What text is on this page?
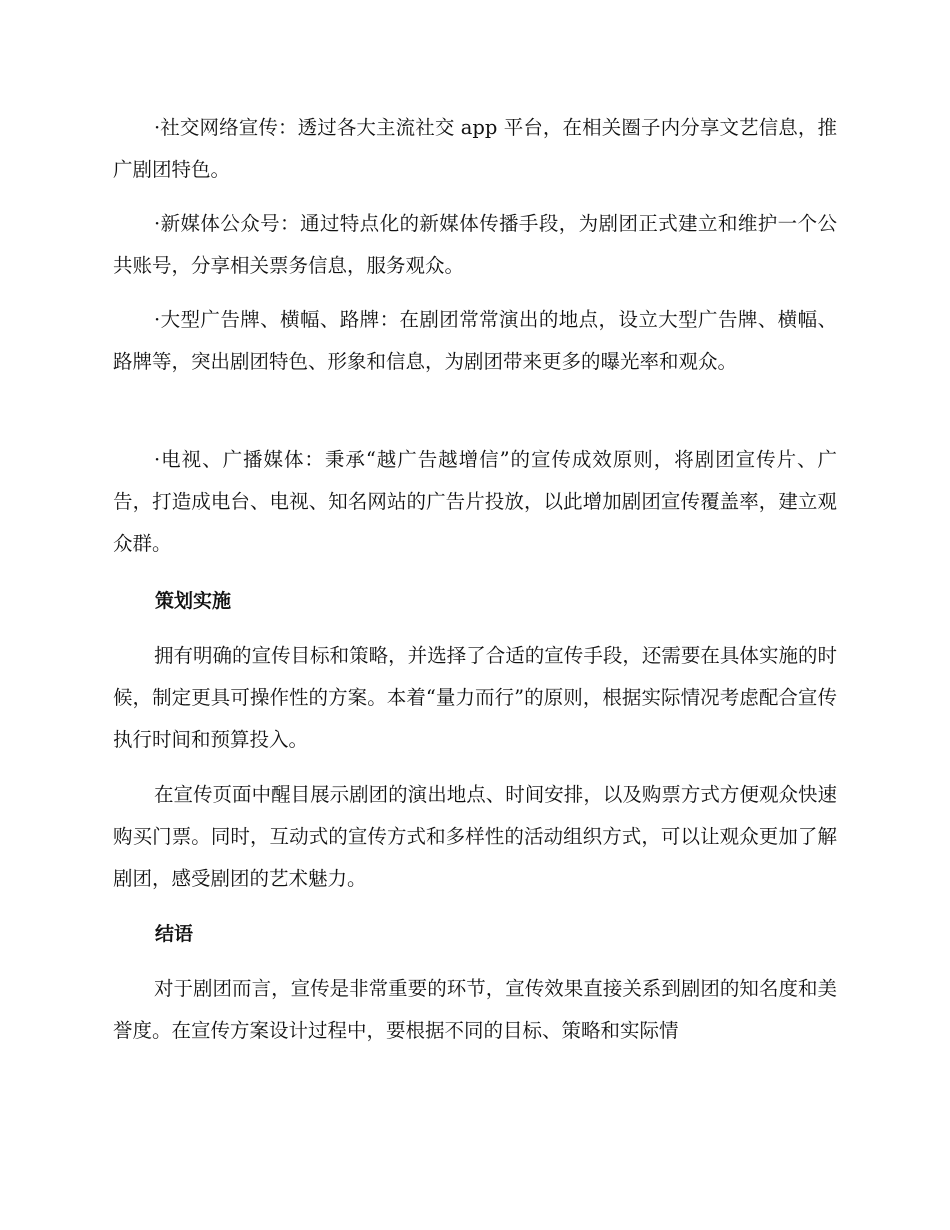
·社交网络宣传：透过各大主流社交 app 平台，在相关圈子内分享文艺信息，推广剧团特色。

·新媒体公众号：通过特点化的新媒体传播手段，为剧团正式建立和维护一个公共账号，分享相关票务信息，服务观众。

·大型广告牌、横幅、路牌：在剧团常常演出的地点，设立大型广告牌、横幅、路牌等，突出剧团特色、形象和信息，为剧团带来更多的曝光率和观众。

·电视、广播媒体：秉承“越广告越增信”的宣传成效原则，将剧团宣传片、广告，打造成电台、电视、知名网站的广告片投放，以此增加剧团宣传覆盖率，建立观众群。

策划实施

拥有明确的宣传目标和策略，并选择了合适的宣传手段，还需要在具体实施的时候，制定更具可操作性的方案。本着“量力而行”的原则，根据实际情况考虑配合宣传执行时间和预算投入。

在宣传页面中醒目展示剧团的演出地点、时间安排，以及购票方式方便观众快速购买门票。同时，互动式的宣传方式和多样性的活动组织方式，可以让观众更加了解剧团，感受剧团的艺术魅力。

结语

对于剧团而言，宣传是非常重要的环节，宣传效果直接关系到剧团的知名度和美誉度。在宣传方案设计过程中，要根据不同的目标、策略和实际情
